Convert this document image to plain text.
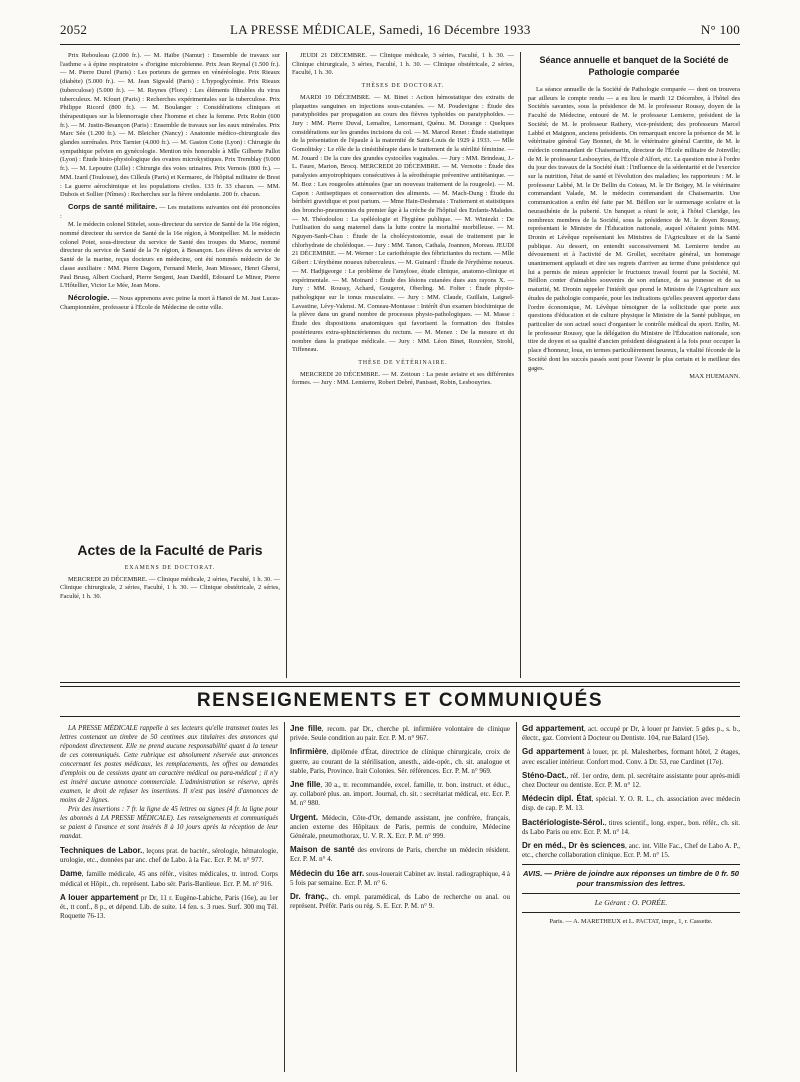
2052	LA PRESSE MÉDICALE, Samedi, 16 Décembre 1933	N° 100

Prix Rebouleau (2.000 fr.). — M. Haïbe (Namur) : Ensemble de travaux sur l'asthme « à épine respiratoire » d'origine microbienne. Prix Jean Reynal (1.500 fr.). — M. Pierre Durel (Paris) : Les porteurs de germes en vénéréologie. Prix Rieaux (diabète) (5.000 fr.). — M. Jean Sigwald (Paris) : L'hypoglycémie. Prix Rieaux (tuberculose) (5.000 fr.). — M. Reynes (Flore) : Les éléments filtrables du virus tuberculeux. M. Kfouri (Paris) : Recherches expérimentales sur la tuberculose. Prix Philippe Ricord (800 fr.). — M. Boulanger : Considérations cliniques et thérapeutiques sur la blennorragie chez l'homme et chez la femme. Prix Robin (600 fr.). — M. Justin-Besançon (Paris) : Ensemble de travaux sur les eaux minérales. Prix Marc Sée (1.200 fr.). — M. Bleicher (Nancy) : Anatomie médico-chirurgicale des glandes surrénales. Prix Tarnier (4.000 fr.). — M. Gaston Cotte (Lyon) : Chirurgie du sympathique pelvien en gynécologie. Mention très honorable à Mlle Gilberte Pallot (Lyon) : Étude histo-physiologique des ovaires microkystiques. Prix Tremblay (9.000 fr.). — M. Lepoutre (Lille) : Chirurgie des voies urinaires. Prix Vernois (800 fr.). — MM. Izard (Toulouse), des Cilleuls (Paris) et Kermarec, de l'hôpital militaire de Brest : La guerre aérochimique et les populations civiles. 133 fr. 33 chacun. — MM. Dubois et Sollier (Nîmes) : Recherches sur la fièvre ondulante. 200 fr. chacun.

Corps de santé militaire. — Les mutations suivantes ont été prononcées :

M. le médecin colonel Stitelet, sous-directeur du service de Santé de la 16e région, nommé directeur du service de Santé de la 16e région, à Montpellier. M. le médecin colonel Potet, sous-directeur du service de Santé des troupes du Maroc, nommé directeur du service de Santé de la 7e région, à Besançon. Les élèves du service de Santé de la marine, reçus docteurs en médecine, ont été nommés médecin de 3e classe auxiliaire : MM. Pierre Dagorn, Fernand Merle, Jean Miossec, Henri Ghersi, Paul Brusq, Albert Cochard, Pierre Sergent, Jean Dardill, Edouard Le Minor, Pierre L'Hôtellier, Victor Le Mée, Jean Mons.

Nécrologie. — Nous apprenons avec peine la mort à Hanoï de M. Just Lucas-Championnière, professeur à l'École de Médecine de cette ville.

Actes de la Faculté de Paris
EXAMENS DE DOCTORAT.

MERCREDI 20 DÉCEMBRE. — Clinique médicale, 2 séries, Faculté, 1 h. 30. — Clinique chirurgicale, 2 séries, Faculté, 1 h. 30. — Clinique obstétricale, 2 séries, Faculté, 1 h. 30.

JEUDI 21 DÉCEMBRE. — Clinique médicale, 3 séries, Faculté, 1 h. 30. — Clinique chirurgicale, 3 séries, Faculté, 1 h. 30. — Clinique obstétricale, 2 séries, Faculté, 1 h. 30.

THÈSES DE DOCTORAT.

MARDI 19 DÉCEMBRE. — M. Binet : Action hémostatique des extraits de plaquettes sanguines en injections sous-cutanées. — M. Poudevigne : Étude des paratyphoïdes par propagation au cours des fièvres typhoïdes ou paratyphoïdes. — Jury : MM. Pierre Duval, Lemaître, Lenormant, Quénu. M. Dorange : Quelques considérations sur les grandes incisions du col. — M. Marcel Renet : Étude statistique de la présentation de l'épaule à la maternité de Saint-Louis de 1929 à 1933. — Mlle Gomolitsky : Le rôle de la cinésithérapie dans le traitement de la stérilité féminine. — M. Jouard : De la cure des grandes cystocèles vaginales. — Jury : MM. Brindeau, J.-L. Faure, Marion, Brocq. MERCREDI 20 DÉCEMBRE. — M. Vernotte : Étude des paralysies amyotrophiques consécutives à la sérothérapie préventive antitétanique. — M. Boz : Les rougeoles atténuées (par un nouveau traitement de la rougeole). — M. Capon : Antiseptiques et conservation des aliments. — M. Mach-Dung : Étude du béribéri gravidique et post partum. — Mme Hain-Deshmais : Traitement et statistiques des broncho-pneumonies du premier âge à la crèche de l'hôpital des Enfants-Malades. — M. Théodoulou : La spéléologie et l'hygiène publique. — M. Winiezki : De l'utilisation du sang maternel dans la lutte contre la mortalité morbilleuse. — M. Nguyen-Sanh-Chau : Étude de la cholécystostomie, essai de traitement par le chlorhydrate de cholédoque. — Jury : MM. Tanon, Cathala, Joannon, Moreau. JEUDI 21 DÉCEMBRE. — M. Werner : Le cariothérapie des fébricitantes du rectum. — Mlle Gibert : L'érythème noueux tuberculeux. — M. Guinard : Étude de l'érythème noueux. — M. Hadjigeorge : Le problème de l'amylose, étude clinique, anatomo-clinique et expérimentale. — M. Moinard : Étude des lésions cutanées dues aux rayons X. — Jury : MM. Roussy, Achard, Gougerot, Oberling. M. Folter : Étude physio-pathologique sur le tonus musculaire. — Jury : MM. Claude, Guillain, Laignel-Lavastine, Lévy-Valensi. M. Comeau-Montasse : Intérêt d'un examen biochimique de la plèvre dans un grand nombre de processus physio-pathologiques. — M. Masse : Étude des dispositions anatomiques qui favorisent la formation des fistules postérieures extra-sphinctériennes du rectum. — M. Menez : De la mesure et du nombre dans la pratique médicale. — Jury : MM. Léon Binet, Rouvière, Strohl, Tiffeneau.

THÈSE DE VÉTÉRINAIRE.

MERCREDI 20 DÉCEMBRE. — M. Zeitoun : La peste aviaire et ses différentes formes. — Jury : MM. Lemierre, Robert Debré, Panisset, Robin, Lesbouyries.

Séance annuelle et banquet de la Société de Pathologie comparée

La séance annuelle de la Société de Pathologie comparée — dont on trouvera par ailleurs le compte rendu — a eu lieu le mardi 12 Décembre, à l'hôtel des Sociétés savantes, sous la présidence de M. le professeur Roussy, doyen de la Faculté de Médecine, entouré de M. le professeur Lemierre, président de la Société; de M. le professeur Rathery, vice-président; des professeurs Marcel Labbé et Maignon, anciens présidents. On remarquait encore la présence de M. le vétérinaire général Gay Bonnet, de M. le vétérinaire général Carritte, de M. le médecin commandant de Chaisemartin, directeur de l'École militaire de Joinville; de M. le professeur Lesbouyries, de l'École d'Alfort, etc. La question mise à l'ordre du jour des travaux de la Société était : l'influence de la sédentarité et de l'exercice sur la nutrition, l'état de santé et l'évolution des maladies; les rapporteurs : M. le professeur Labbé, M. le Dr Bellin du Coteau, M. le Dr Boigey, M. le vétérinaire commandant Valade, M. le médecin commandant de Chaisemartin. Une communication a enfin été faite par M. Béillon sur le surmenage scolaire et la neurasthénie de la puberté. Un banquet a réuni le soir, à l'hôtel Claridge, les nombreux membres de la Société, sous la présidence de M. le doyen Roussy, représentant le Ministre de l'Éducation nationale, auquel s'étaient joints MM. Dronin et Lévêque représentant les Ministres de l'Agriculture et de la Santé publique. Au dessert, on entendit successivement M. Lemierre tendre au dévouement et à l'activité de M. Grollet, secrétaire général, un hommage unanimement applaudi et dire ses regrets d'arriver au terme d'une présidence qui lui a permis de mieux apprécier le fructueux travail fourni par la Société, M. Béillon conter d'aimables souvenirs de son enfance, de sa jeunesse et de sa maturité, M. Dronin rappeler l'intérêt que prend le Ministre de l'Agriculture aux études de pathologie comparée, pour les indications qu'elles peuvent apporter dans l'ordre économique, M. Lévêque témoigner de la sollicitude que porte aux questions d'éducation et de culture physique le Ministre de la Santé publique, en particulier de son actuel souci d'organiser le contrôle médical du sport. Enfin, M. le professeur Roussy, que la délégation du Ministre de l'Éducation nationale, son titre de doyen et sa qualité d'ancien président désignaient à la fois pour occuper la place d'honneur, loua, en termes particulièrement heureux, la vitalité féconde de la Société dont les succès passés sont pour l'avenir le plus certain et le meilleur des gages.

MAX HUEMANN.

RENSEIGNEMENTS ET COMMUNIQUÉS

LA PRESSE MÉDICALE rappelle à ses lecteurs qu'elle transmet toutes les lettres contenant un timbre de 50 centimes aux titulaires des annonces qui répondent directement. Elle ne prend aucune responsabilité quant à la teneur de ces communiqués. Cette rubrique est absolument réservée aux annonces concernant les postes médicaux, les remplacements, les offres ou demandes d'emplois ou de cessions ayant un caractère médical ou para-médical ; il n'y est inséré aucune annonce commerciale. L'administration se réserve, après examen, le droit de refuser les insertions. Il n'est pas inséré d'annonces de moins de 2 lignes.

Prix des insertions : 7 fr. la ligne de 45 lettres ou signes (4 fr. la ligne pour les abonnés à LA PRESSE MÉDICALE). Les renseignements et communiqués se paient à l'avance et sont insérés 8 à 10 jours après la réception de leur mandat.

Techniques de Labor., leçons prat. de bactér., sérologie, hématologie, urologie, etc., données par anc. chef de Labo. à la Fac. Ecr. P. M. n° 977.
Dame, famille médicale, 45 ans référ., visites médicales, tr. introd. Corps médical et Hôpit., ch. représent. Labo sér. Paris-Banlieue. Ecr. P. M. n° 916.
A louer appartement pr Dr, 11 r. Eugène-Labiche, Paris (16e), au 1er ét., tt conf., 8 p., et dépend. Lib. de suite. 14 fen. s. 3 rues. Surf. 300 mq Tél. Roquette 76-13.
Jne fille, recom. par Dr., cherche pl. infirmière volontaire de clinique privée. Seule condition au pair. Ecr. P. M. n° 967.
Infirmière, diplômée d'État, directrice de clinique chirurgicale, croix de guerre, au courant de la stérilisation, anesth., aide-opér., ch. sit. analogue et stable, Paris, Province. Irait Colonies. Sér. références. Ecr. P. M. n° 969.
Jne fille, 30 a., tr. recommandée, excel. famille, tr. bon. instruct. et éduc., ay. collaboré plus. an. import. Journal, ch. sit. : secrétariat médical, etc. Ecr. P. M. n° 980.
Urgent. Médecin, Côte-d'Or, demande assistant, jne confrère, français, ancien externe des Hôpitaux de Paris, permis de conduire, Médecine Générale, pneumothorax, U. V. R. X. Ecr. P. M. n° 999.
Maison de santé des environs de Paris, cherche un médecin résident. Ecr. P. M. n° 4.
Médecin du 16e arr. sous-louerait Cabinet av. instal. radiographique, 4 à 5 fois par semaine. Ecr. P. M. n° 6.
Dr. franç., ch. empl. paramédical, ds Labo de recherche ou anal. ou représent. Préfér. Paris ou rég. S. E. Ecr. P. M. n° 9.
Gd appartement, act. occupé pr Dr, à louer pr Janvier. 5 gdes p., s. b., électr., gaz. Convient à Docteur ou Dentiste. 104, rue Balard (15e).
Gd appartement à louer, pr. pl. Malesherbes, formant hôtel, 2 étages, avec escalier intérieur. Confort mod. Conv. à Dr. 53, rue Cardinet (17e).
Sténo-Dact., réf. 1er ordre, dem. pl. secrétaire assistante pour après-midi chez Docteur ou dentiste. Ecr. P. M. n° 12.
Médecin dipl. État, spécial. Y. O. R. L., ch. association avec médecin disp. de cap. P. M. 13.
Bactériologiste-Sérol., titres scientif., long. exper., bon. référ., ch. sit. ds Labo Paris ou env. Ecr. P. M. n° 14.
Dr en méd., Dr ès sciences, anc. int. Ville Fac., Chef de Labo A. P., etc., cherche collaboration clinique. Ecr. P. M. n° 15.
AVIS. — Prière de joindre aux réponses un timbre de 0 fr. 50 pour transmission des lettres.
Le Gérant : O. PORÉE.
Paris. — A. MARETHEUX et L. PACTAT, impr., 1, r. Cassette.
